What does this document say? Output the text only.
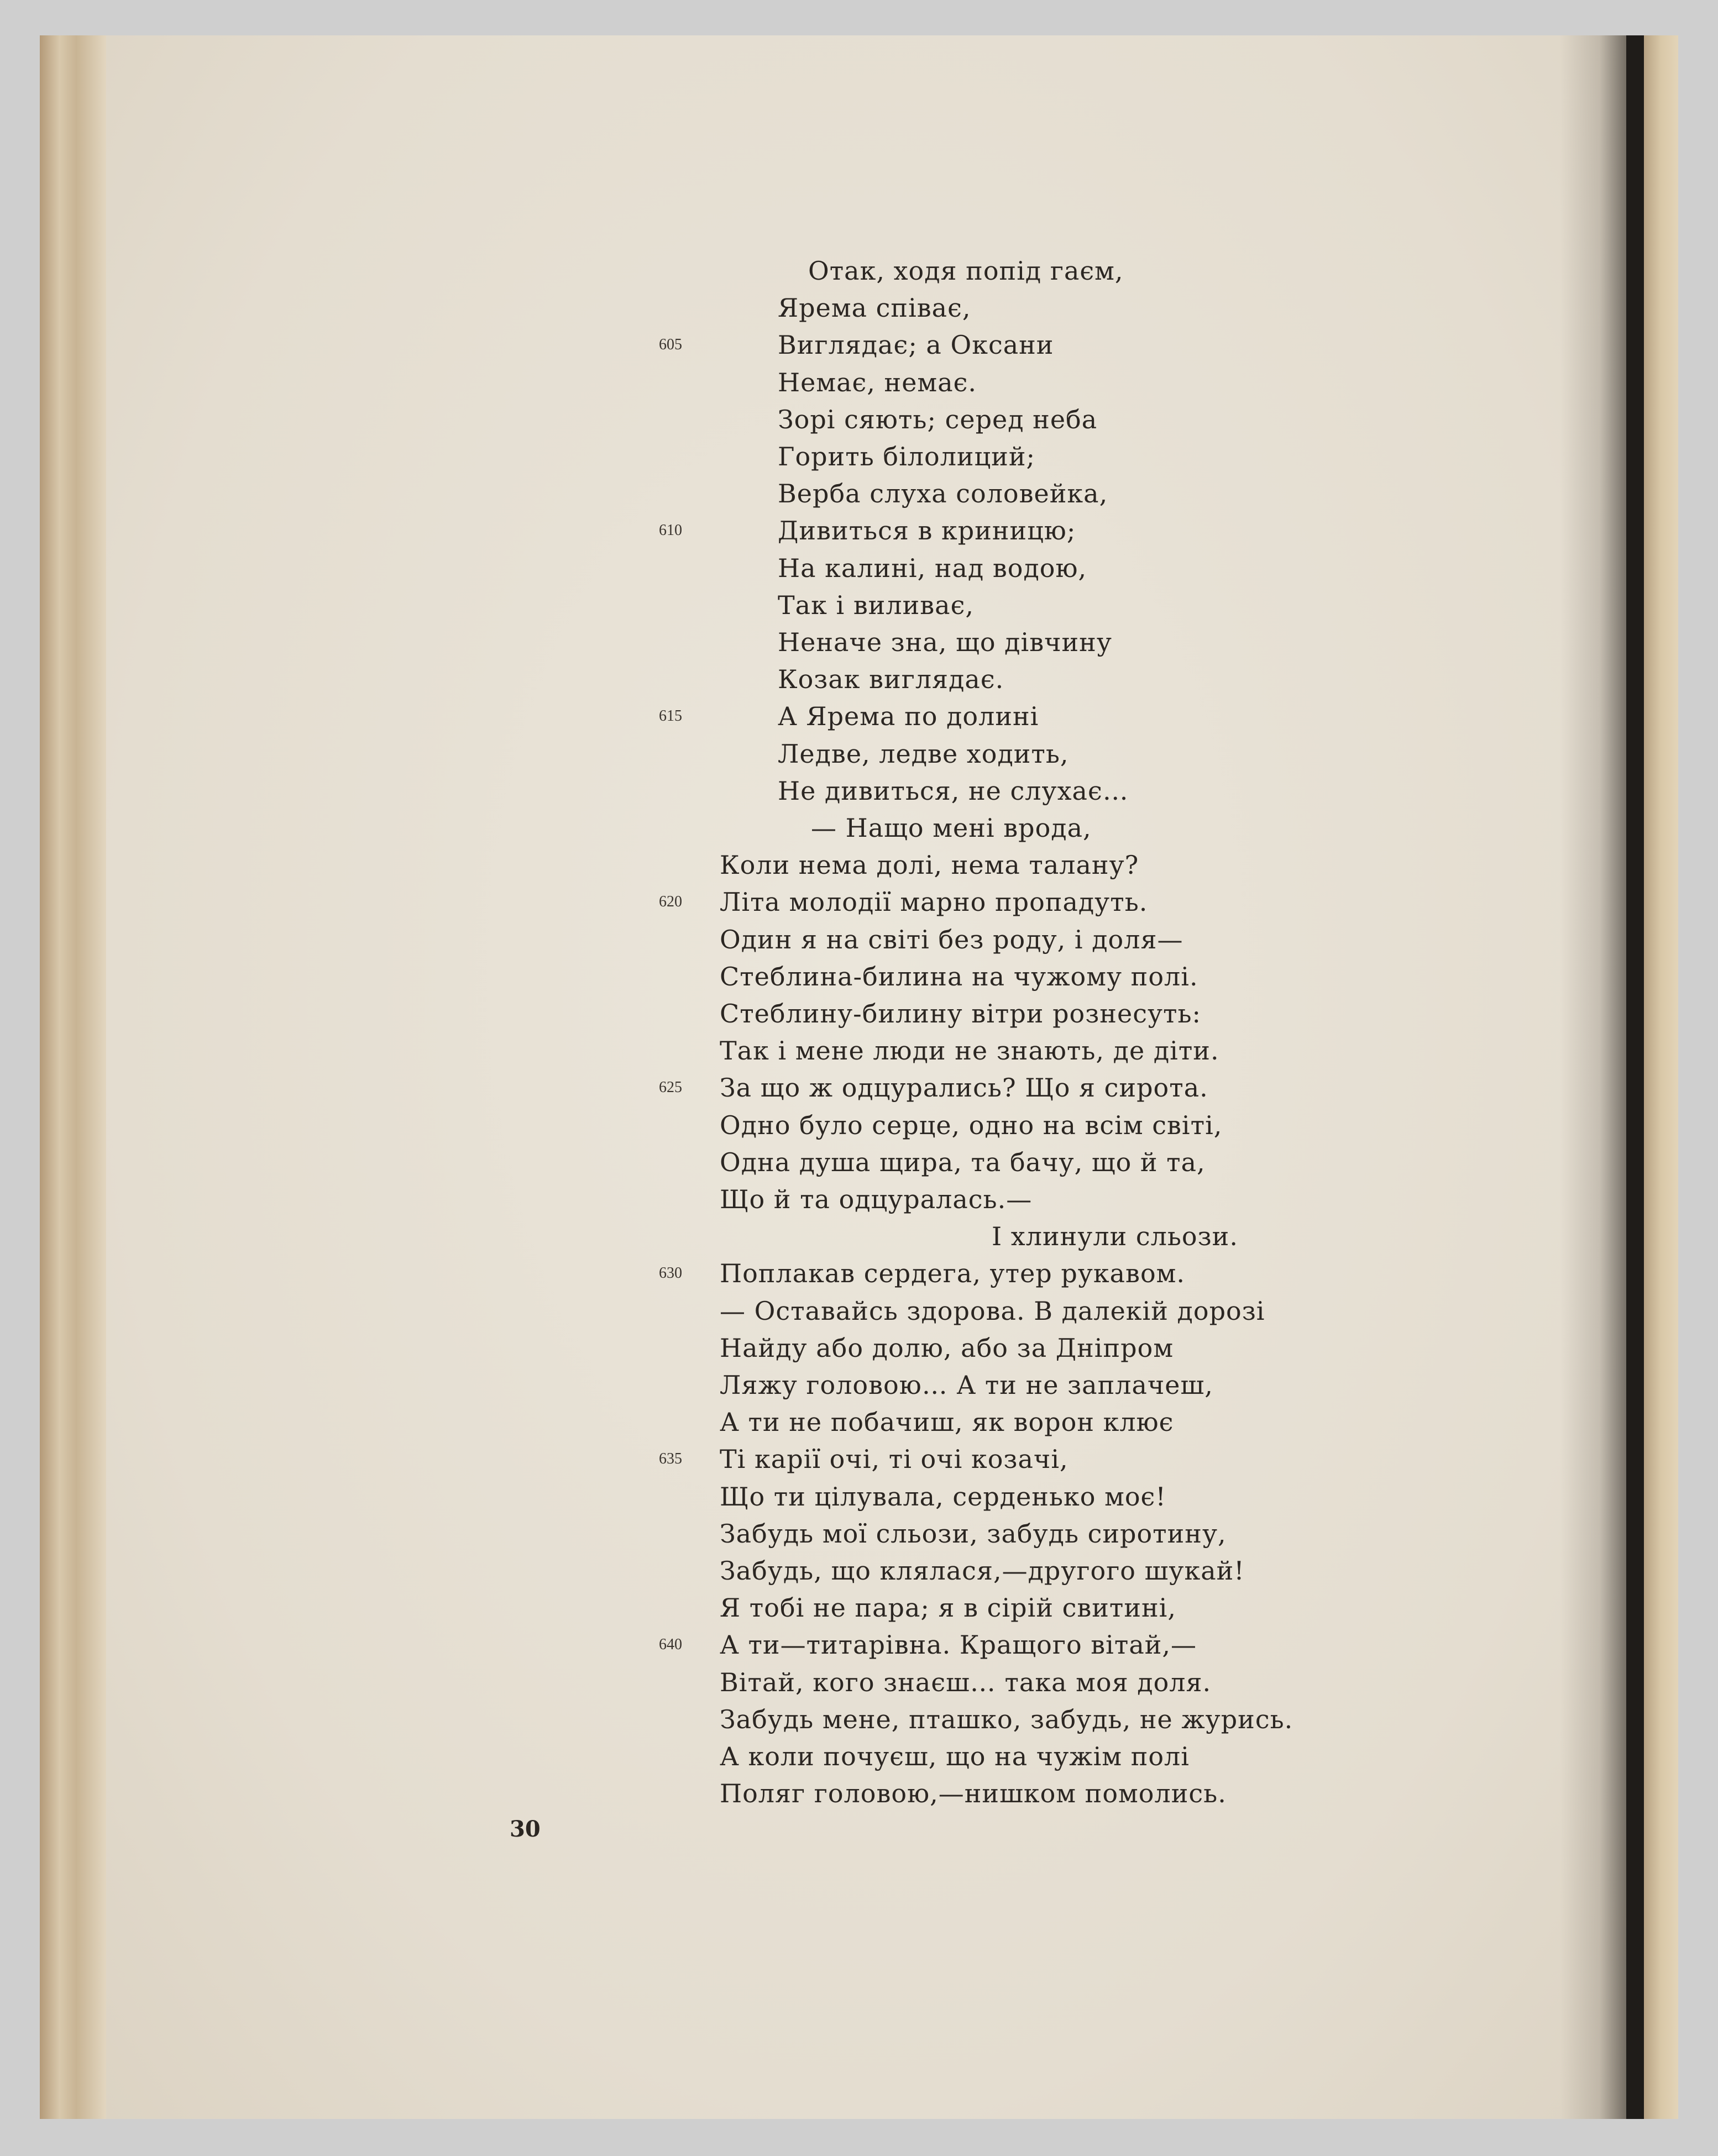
Отак, ходя попід гаєм,
Ярема співає,
Виглядає; а Оксани
605
Немає, немає.
Зорі сяють; серед неба
Горить білолиций;
Верба слуха соловейка,
Дивиться в криницю;
610
На калині, над водою,
Так і виливає,
Неначе зна, що дівчину
Козак виглядає.
А Ярема по долині
615
Ледве, ледве ходить,
Не дивиться, не слухає…
— Нащо мені врода,
Коли нема долі, нема талану?
Літа молодії марно пропадуть.
620
Один я на світі без роду, і доля—
Стеблина-билина на чужому полі.
Стеблину-билину вітри рознесуть:
Так і мене люди не знають, де діти.
За що ж одцурались? Що я сирота.
625
Одно було серце, одно на всім світі,
Одна душа щира, та бачу, що й та,
Що й та одцуралась.—
І хлинули сльози.
Поплакав сердега, утер рукавом.
630
— Оставайсь здорова. В далекій дорозі
Найду або долю, або за Дніпром
Ляжу головою… А ти не заплачеш,
А ти не побачиш, як ворон клює
Ті карії очі, ті очі козачі,
635
Що ти цілувала, серденько моє!
Забудь мої сльози, забудь сиротину,
Забудь, що клялася,—другого шукай!
Я тобі не пара; я в сірій свитині,
А ти—титарівна. Кращого вітай,—
640
Вітай, кого знаєш… така моя доля.
Забудь мене, пташко, забудь, не журись.
А коли почуєш, що на чужім полі
Поляг головою,—нишком помолись.
30
